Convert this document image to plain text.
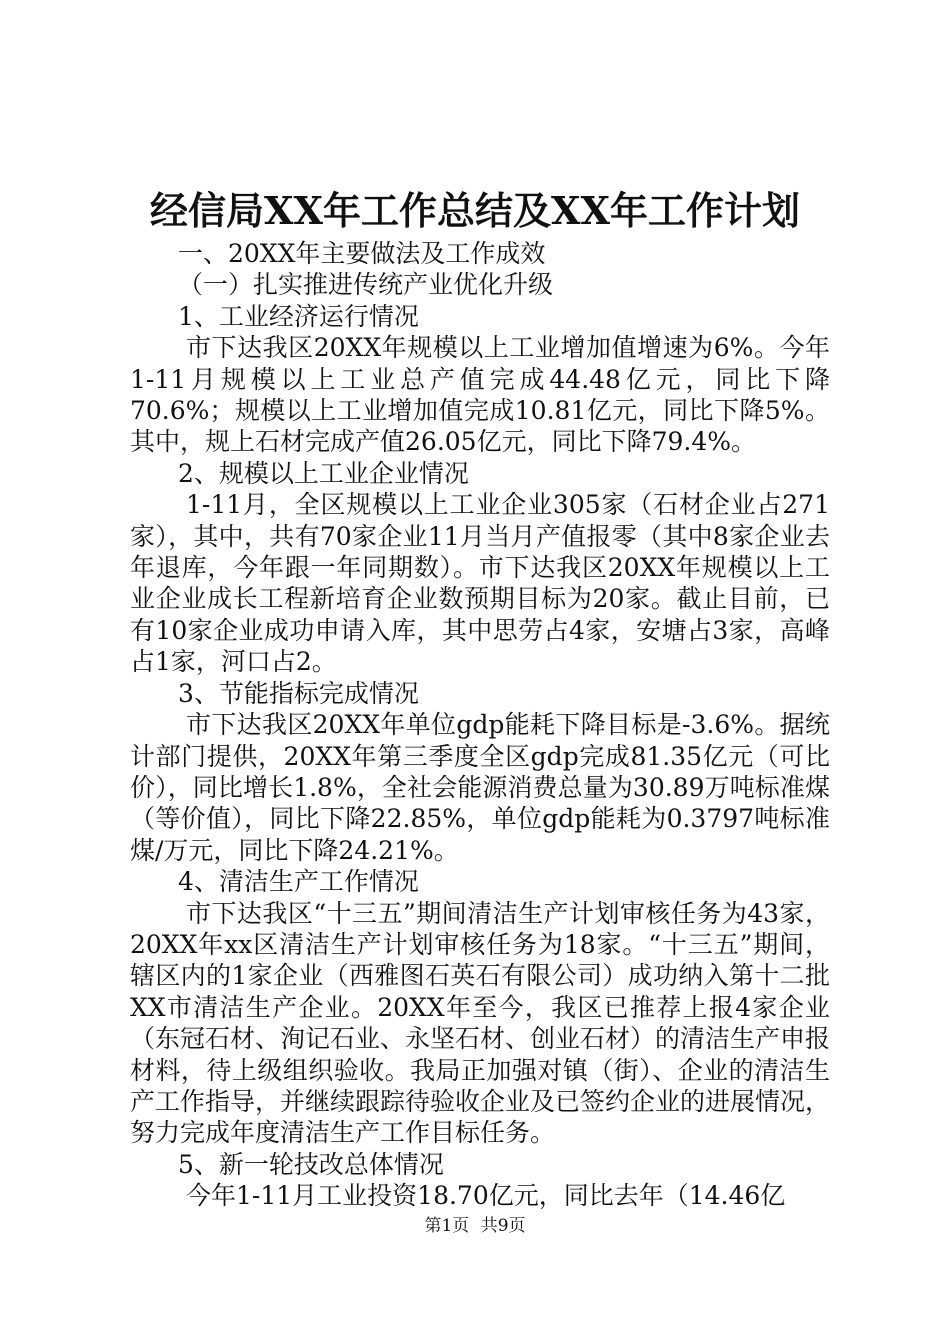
经信局XX年工作总结及XX年工作计划

一、20XX年主要做法及工作成效

（一）扎实推进传统产业优化升级

1、工业经济运行情况

市下达我区20XX年规模以上工业增加值增速为6%。今年1-11月规模以上工业总产值完成44.48亿元，同比下降70.6%；规模以上工业增加值完成10.81亿元，同比下降5%。其中，规上石材完成产值26.05亿元，同比下降79.4%。

2、规模以上工业企业情况

1-11月，全区规模以上工业企业305家（石材企业占271家），其中，共有70家企业11月当月产值报零（其中8家企业去年退库，今年跟一年同期数）。市下达我区20XX年规模以上工业企业成长工程新培育企业数预期目标为20家。截止目前，已有10家企业成功申请入库，其中思劳占4家，安塘占3家，高峰占1家，河口占2。

3、节能指标完成情况

市下达我区20XX年单位gdp能耗下降目标是-3.6%。据统计部门提供，20XX年第三季度全区gdp完成81.35亿元（可比价），同比增长1.8%，全社会能源消费总量为30.89万吨标准煤（等价值），同比下降22.85%，单位gdp能耗为0.3797吨标准煤/万元，同比下降24.21%。

4、清洁生产工作情况

市下达我区“十三五”期间清洁生产计划审核任务为43家，20XX年xx区清洁生产计划审核任务为18家。“十三五”期间，辖区内的1家企业（西雅图石英石有限公司）成功纳入第十二批XX市清洁生产企业。20XX年至今，我区已推荐上报4家企业（东冠石材、洵记石业、永坚石材、创业石材）的清洁生产申报材料，待上级组织验收。我局正加强对镇（街）、企业的清洁生产工作指导，并继续跟踪待验收企业及已签约企业的进展情况，努力完成年度清洁生产工作目标任务。

5、新一轮技改总体情况

今年1-11月工业投资18.70亿元，同比去年（14.46亿

第1页 共9页
